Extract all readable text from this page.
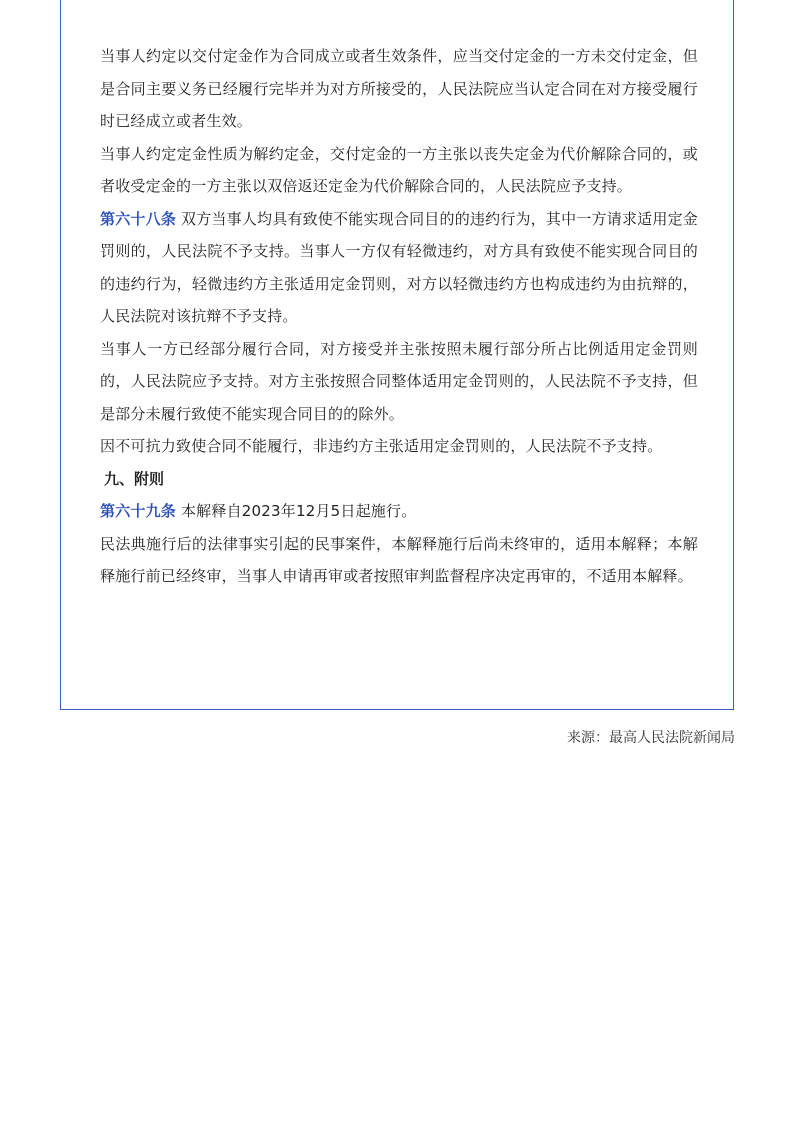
当事人约定以交付定金作为合同成立或者生效条件，应当交付定金的一方未交付定金，但是合同主要义务已经履行完毕并为对方所接受的，人民法院应当认定合同在对方接受履行时已经成立或者生效。

当事人约定定金性质为解约定金，交付定金的一方主张以丧失定金为代价解除合同的，或者收受定金的一方主张以双倍返还定金为代价解除合同的，人民法院应予支持。

第六十八条 双方当事人均具有致使不能实现合同目的的违约行为，其中一方请求适用定金罚则的，人民法院不予支持。当事人一方仅有轻微违约，对方具有致使不能实现合同目的的违约行为，轻微违约方主张适用定金罚则，对方以轻微违约方也构成违约为由抗辩的，人民法院对该抗辩不予支持。

当事人一方已经部分履行合同，对方接受并主张按照未履行部分所占比例适用定金罚则的，人民法院应予支持。对方主张按照合同整体适用定金罚则的，人民法院不予支持，但是部分未履行致使不能实现合同目的的除外。

因不可抗力致使合同不能履行，非违约方主张适用定金罚则的，人民法院不予支持。

九、附则

第六十九条 本解释自2023年12月5日起施行。

民法典施行后的法律事实引起的民事案件，本解释施行后尚未终审的，适用本解释；本解释施行前已经终审，当事人申请再审或者按照审判监督程序决定再审的，不适用本解释。

来源：最高人民法院新闻局
